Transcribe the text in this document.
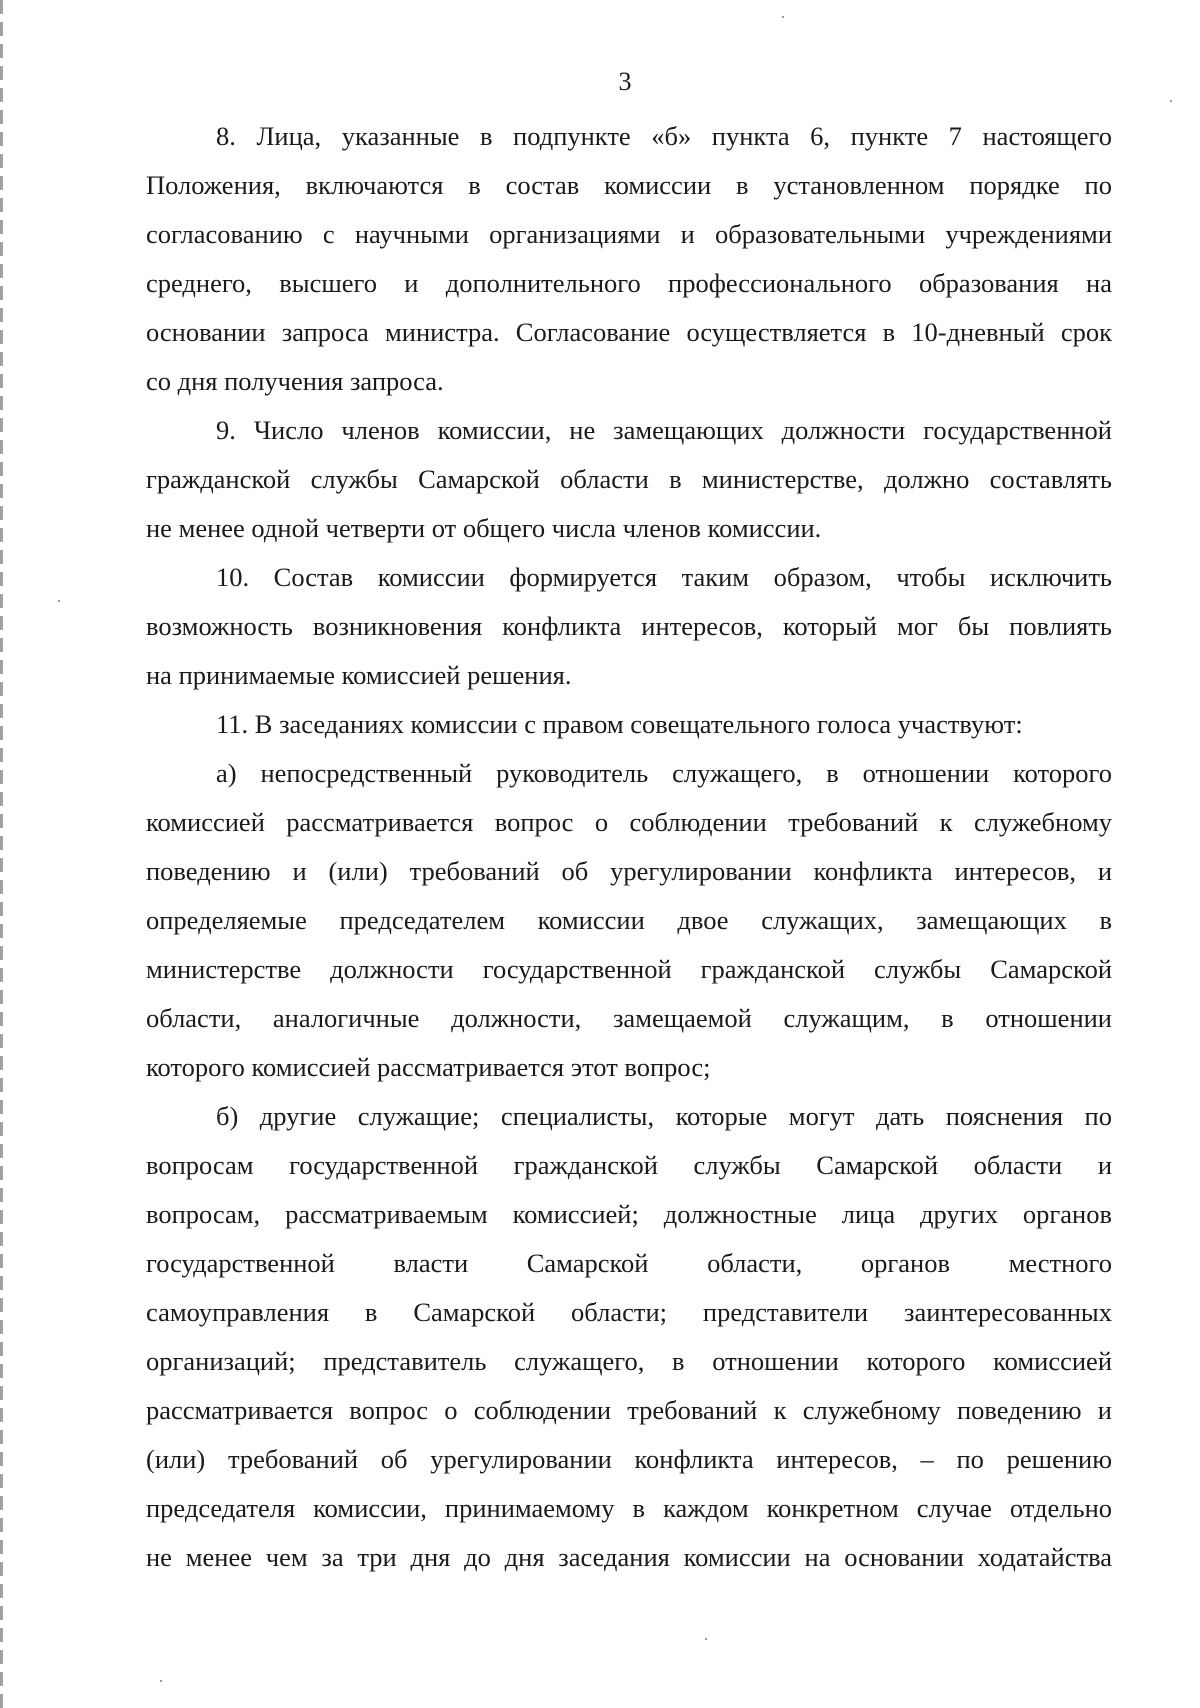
3
8. Лица, указанные в подпункте «б» пункта 6, пункте 7 настоящего
Положения, включаются в состав комиссии в установленном порядке по
согласованию с научными организациями и образовательными учреждениями
среднего, высшего и дополнительного профессионального образования на
основании запроса министра. Согласование осуществляется в 10-дневный срок
со дня получения запроса.
9. Число членов комиссии, не замещающих должности государственной
гражданской службы Самарской области в министерстве, должно составлять
не менее одной четверти от общего числа членов комиссии.
10. Состав комиссии формируется таким образом, чтобы исключить
возможность возникновения конфликта интересов, который мог бы повлиять
на принимаемые комиссией решения.
11. В заседаниях комиссии с правом совещательного голоса участвуют:
а) непосредственный руководитель служащего, в отношении которого
комиссией рассматривается вопрос о соблюдении требований к служебному
поведению и (или) требований об урегулировании конфликта интересов, и
определяемые председателем комиссии двое служащих, замещающих в
министерстве должности государственной гражданской службы Самарской
области, аналогичные должности, замещаемой служащим, в отношении
которого комиссией рассматривается этот вопрос;
б) другие служащие; специалисты, которые могут дать пояснения по
вопросам государственной гражданской службы Самарской области и
вопросам, рассматриваемым комиссией; должностные лица других органов
государственной власти Самарской области, органов местного
самоуправления в Самарской области; представители заинтересованных
организаций; представитель служащего, в отношении которого комиссией
рассматривается вопрос о соблюдении требований к служебному поведению и
(или) требований об урегулировании конфликта интересов, – по решению
председателя комиссии, принимаемому в каждом конкретном случае отдельно
не менее чем за три дня до дня заседания комиссии на основании ходатайства
